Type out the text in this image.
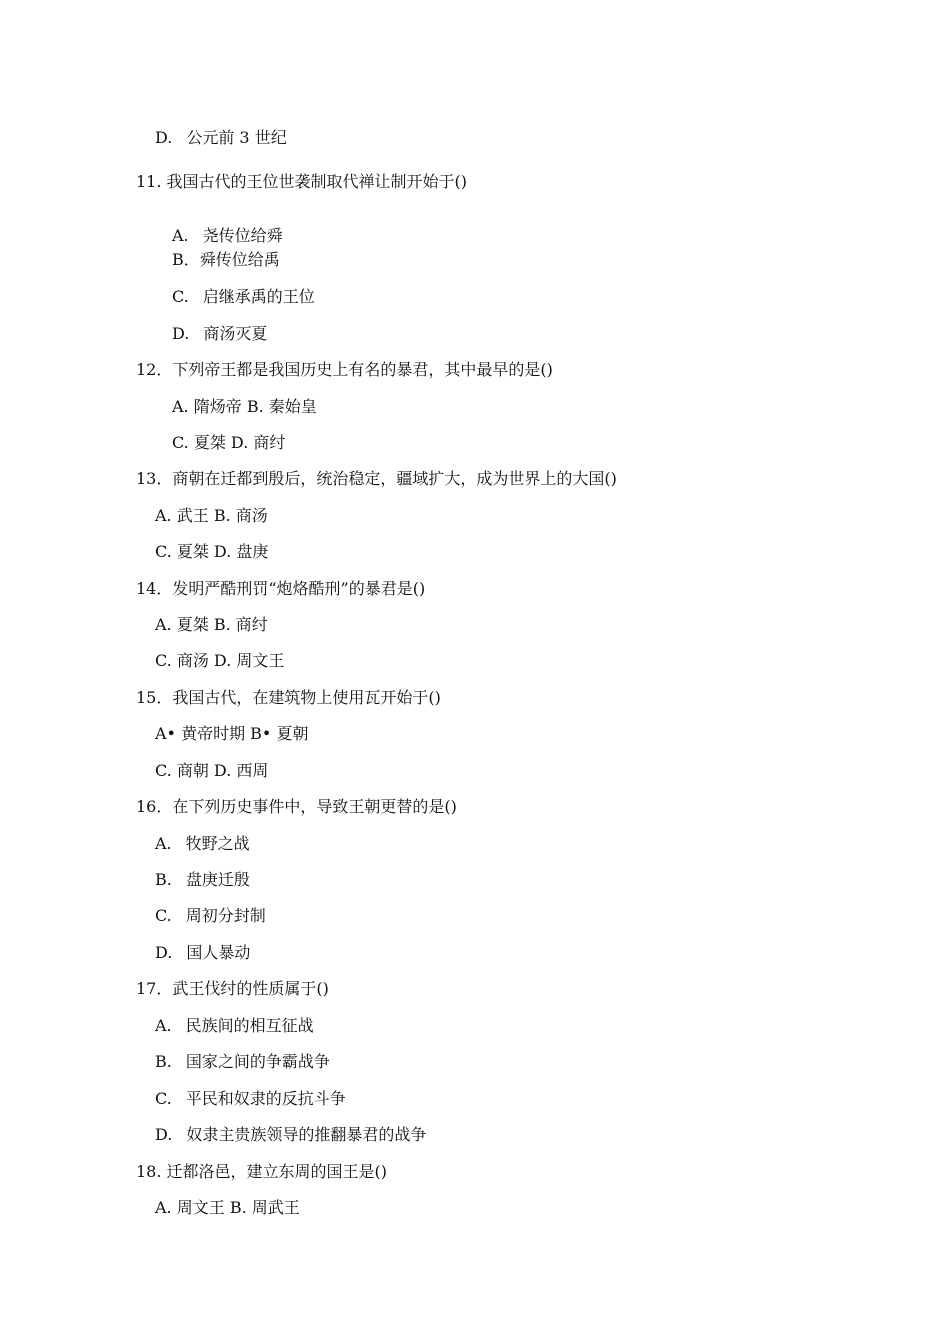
D. 公元前 3 世纪
11. 我国古代的王位世袭制取代禅让制开始于()
A. 尧传位给舜
B．舜传位给禹
C. 启继承禹的王位
D. 商汤灭夏
12．下列帝王都是我国历史上有名的暴君，其中最早的是()
A. 隋炀帝 B. 秦始皇
C. 夏桀 D. 商纣
13．商朝在迁都到殷后，统治稳定，疆域扩大，成为世界上的大国()
A. 武王 B. 商汤
C. 夏桀 D. 盘庚
14．发明严酷刑罚“炮烙酷刑”的暴君是()
A. 夏桀 B. 商纣
C. 商汤 D. 周文王
15．我国古代，在建筑物上使用瓦开始于()
A• 黄帝时期 B• 夏朝
C. 商朝 D. 西周
16．在下列历史事件中，导致王朝更替的是()
A. 牧野之战
B. 盘庚迁殷
C. 周初分封制
D. 国人暴动
17．武王伐纣的性质属于()
A. 民族间的相互征战
B. 国家之间的争霸战争
C. 平民和奴隶的反抗斗争
D. 奴隶主贵族领导的推翻暴君的战争
18. 迁都洛邑，建立东周的国王是()
A. 周文王 B. 周武王
